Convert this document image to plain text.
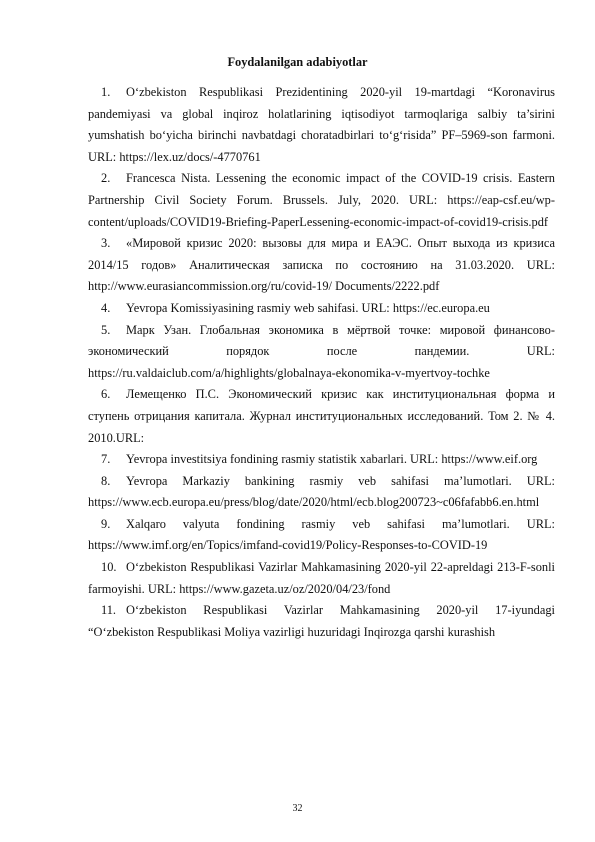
Foydalanilgan adabiyotlar

1. O‘zbekiston Respublikasi Prezidentining 2020-yil 19-martdagi “Koronavirus pandemiyasi va global inqiroz holatlarining iqtisodiyot tarmoqlariga salbiy ta’sirini yumshatish bo‘yicha birinchi navbatdagi choratadbirlari to‘g‘risida” PF–5969-son farmoni. URL: https://lex.uz/docs/-4770761

2. Francesca Nista. Lessening the economic impact of the COVID-19 crisis. Eastern Partnership Civil Society Forum. Brussels. July, 2020. URL: https://eap-csf.eu/wp-content/uploads/COVID19-Briefing-PaperLessening-economic-impact-of-covid19-crisis.pdf

3. «Мировой кризис 2020: вызовы для мира и ЕАЭС. Опыт выхода из кризиса 2014/15 годов» Аналитическая записка по состоянию на 31.03.2020. URL: http://www.eurasiancommission.org/ru/covid-19/ Documents/2222.pdf

4. Yevropa Komissiyasining rasmiy web sahifasi. URL: https://ec.europa.eu

5. Марк Узан. Глобальная экономика в мёртвой точке: мировой финансово-экономический порядок после пандемии. URL: https://ru.valdaiclub.com/a/highlights/globalnaya-ekonomika-v-myertvoy-tochke

6. Лемещенко П.С. Экономический кризис как институциональная форма и ступень отрицания капитала. Журнал институциональных исследований. Том 2. № 4. 2010.URL:

7. Yevropa investitsiya fondining rasmiy statistik xabarlari. URL: https://www.eif.org

8. Yevropa Markaziy bankining rasmiy veb sahifasi ma’lumotlari. URL: https://www.ecb.europa.eu/press/blog/date/2020/html/ecb.blog200723~c06fafabb6.en.html

9. Xalqaro valyuta fondining rasmiy veb sahifasi ma’lumotlari. URL: https://www.imf.org/en/Topics/imfand-covid19/Policy-Responses-to-COVID-19

10. O‘zbekiston Respublikasi Vazirlar Mahkamasining 2020-yil 22-apreldagi 213-F-sonli farmoyishi. URL: https://www.gazeta.uz/oz/2020/04/23/fond

11. O‘zbekiston Respublikasi Vazirlar Mahkamasining 2020-yil 17-iyundagi “O‘zbekiston Respublikasi Moliya vazirligi huzuridagi Inqirozga qarshi kurashish

32
